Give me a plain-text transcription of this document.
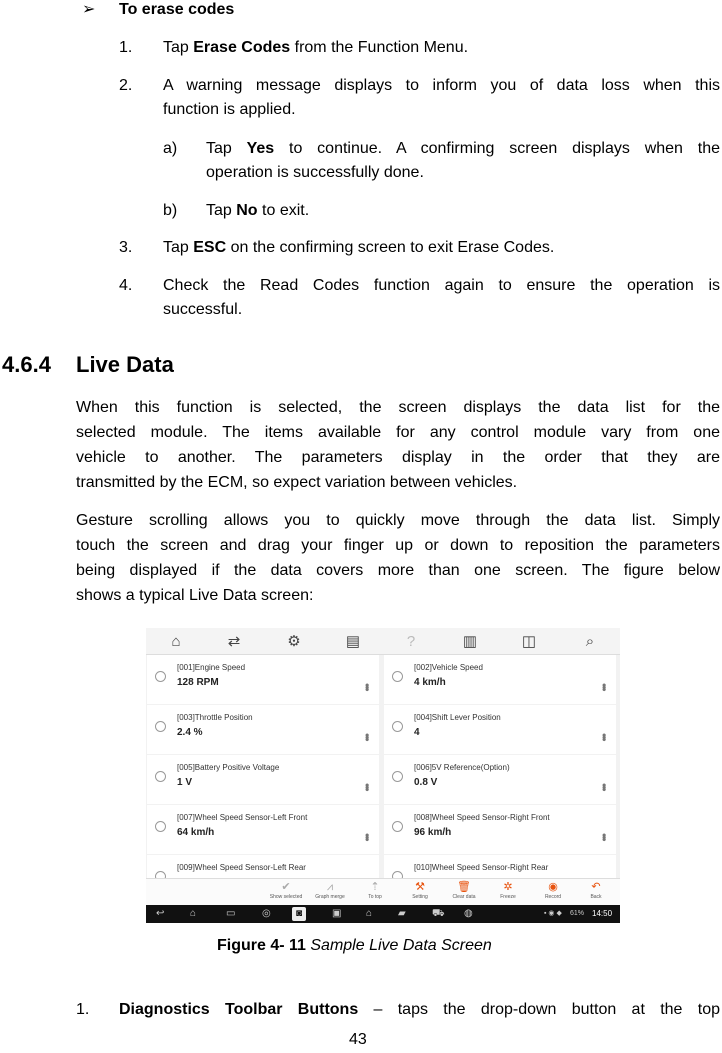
➢ To erase codes
1. Tap Erase Codes from the Function Menu.
2. A warning message displays to inform you of data loss when this
function is applied.
a) Tap Yes to continue. A confirming screen displays when the
operation is successfully done.
b) Tap No to exit.
3. Tap ESC on the confirming screen to exit Erase Codes.
4. Check the Read Codes function again to ensure the operation is
successful.
4.6.4 Live Data
When this function is selected, the screen displays the data list for the
selected module. The items available for any control module vary from one
vehicle to another. The parameters display in the order that they are
transmitted by the ECM, so expect variation between vehicles.
Gesture scrolling allows you to quickly move through the data list. Simply
touch the screen and drag your finger up or down to reposition the parameters
being displayed if the data covers more than one screen. The figure below
shows a typical Live Data screen:
⌂	⇄	⚙	▤	?	▥	◫	⌕
[001]Engine Speed
128 RPM	•••
[002]Vehicle Speed
4 km/h	•••
[003]Throttle Position
2.4 %	•••
[004]Shift Lever Position
4	•••
[005]Battery Positive Voltage
1 V	•••
[006]5V Reference(Option)
0.8 V	•••
[007]Wheel Speed Sensor-Left Front
64 km/h	•••
[008]Wheel Speed Sensor-Right Front
96 km/h	•••
[009]Wheel Speed Sensor-Left Rear	[010]Wheel Speed Sensor-Right Rear
✔
Show selected
⩘
Graph merge
⇡
To top
⚒
Setting
🗑
Clear data
✲
Freeze
◉
Record
↶
Back
↩	⌂	▭	◎	◙	▣ ⌂	▰	⛟ ◍	▪ ◉ ◆ 61% 14:50
Figure 4- 11 Sample Live Data Screen
1. Diagnostics Toolbar Buttons – taps the drop-down button at the top
43
